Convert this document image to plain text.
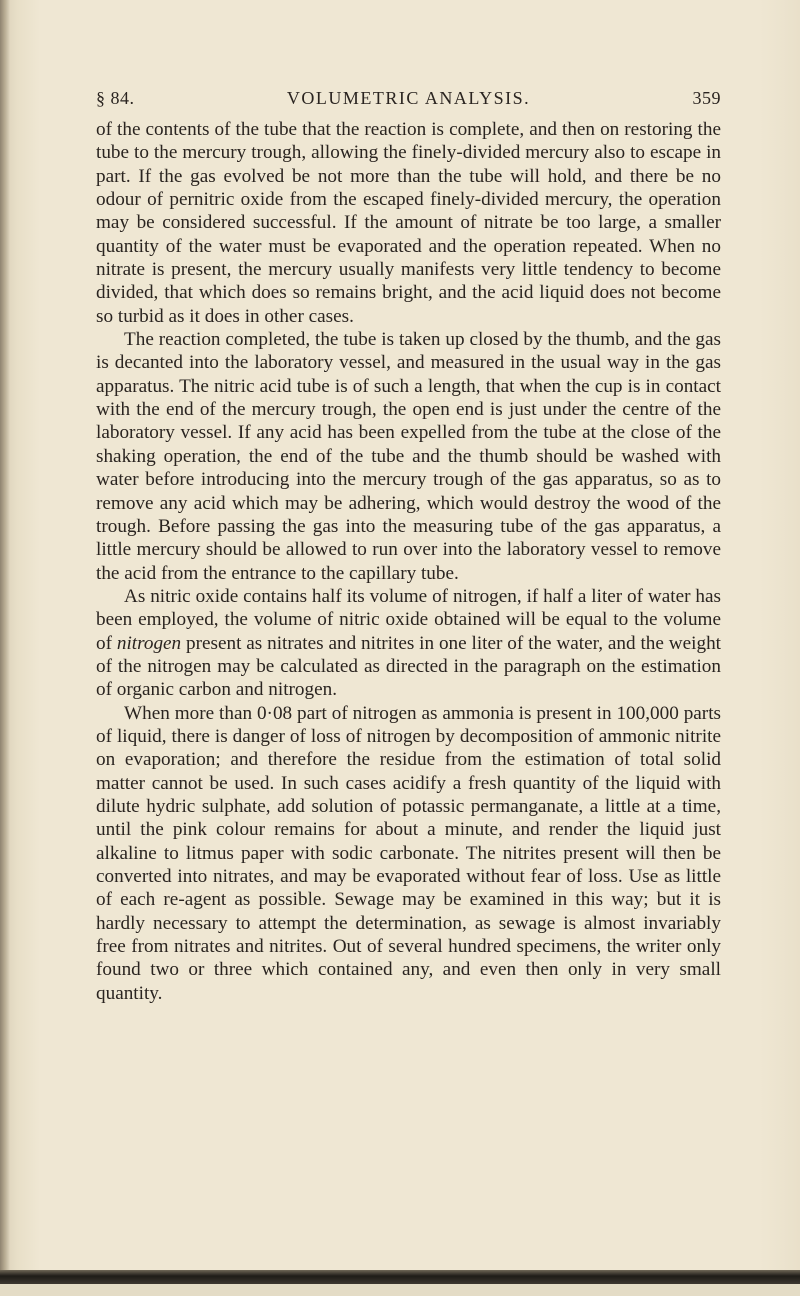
§ 84.	VOLUMETRIC ANALYSIS.	359

of the contents of the tube that the reaction is complete, and then on restoring the tube to the mercury trough, allowing the finely-divided mercury also to escape in part. If the gas evolved be not more than the tube will hold, and there be no odour of pernitric oxide from the escaped finely-divided mercury, the operation may be considered successful. If the amount of nitrate be too large, a smaller quantity of the water must be evaporated and the operation repeated. When no nitrate is present, the mercury usually manifests very little tendency to become divided, that which does so remains bright, and the acid liquid does not become so turbid as it does in other cases.

The reaction completed, the tube is taken up closed by the thumb, and the gas is decanted into the laboratory vessel, and measured in the usual way in the gas apparatus. The nitric acid tube is of such a length, that when the cup is in contact with the end of the mercury trough, the open end is just under the centre of the laboratory vessel. If any acid has been expelled from the tube at the close of the shaking operation, the end of the tube and the thumb should be washed with water before introducing into the mercury trough of the gas apparatus, so as to remove any acid which may be adhering, which would destroy the wood of the trough. Before passing the gas into the measuring tube of the gas apparatus, a little mercury should be allowed to run over into the laboratory vessel to remove the acid from the entrance to the capillary tube.

As nitric oxide contains half its volume of nitrogen, if half a liter of water has been employed, the volume of nitric oxide obtained will be equal to the volume of nitrogen present as nitrates and nitrites in one liter of the water, and the weight of the nitrogen may be calculated as directed in the paragraph on the estimation of organic carbon and nitrogen.

When more than 0·08 part of nitrogen as ammonia is present in 100,000 parts of liquid, there is danger of loss of nitrogen by decomposition of ammonic nitrite on evaporation; and therefore the residue from the estimation of total solid matter cannot be used. In such cases acidify a fresh quantity of the liquid with dilute hydric sulphate, add solution of potassic permanganate, a little at a time, until the pink colour remains for about a minute, and render the liquid just alkaline to litmus paper with sodic carbonate. The nitrites present will then be converted into nitrates, and may be evaporated without fear of loss. Use as little of each re-agent as possible. Sewage may be examined in this way; but it is hardly necessary to attempt the determination, as sewage is almost invariably free from nitrates and nitrites. Out of several hundred specimens, the writer only found two or three which contained any, and even then only in very small quantity.
